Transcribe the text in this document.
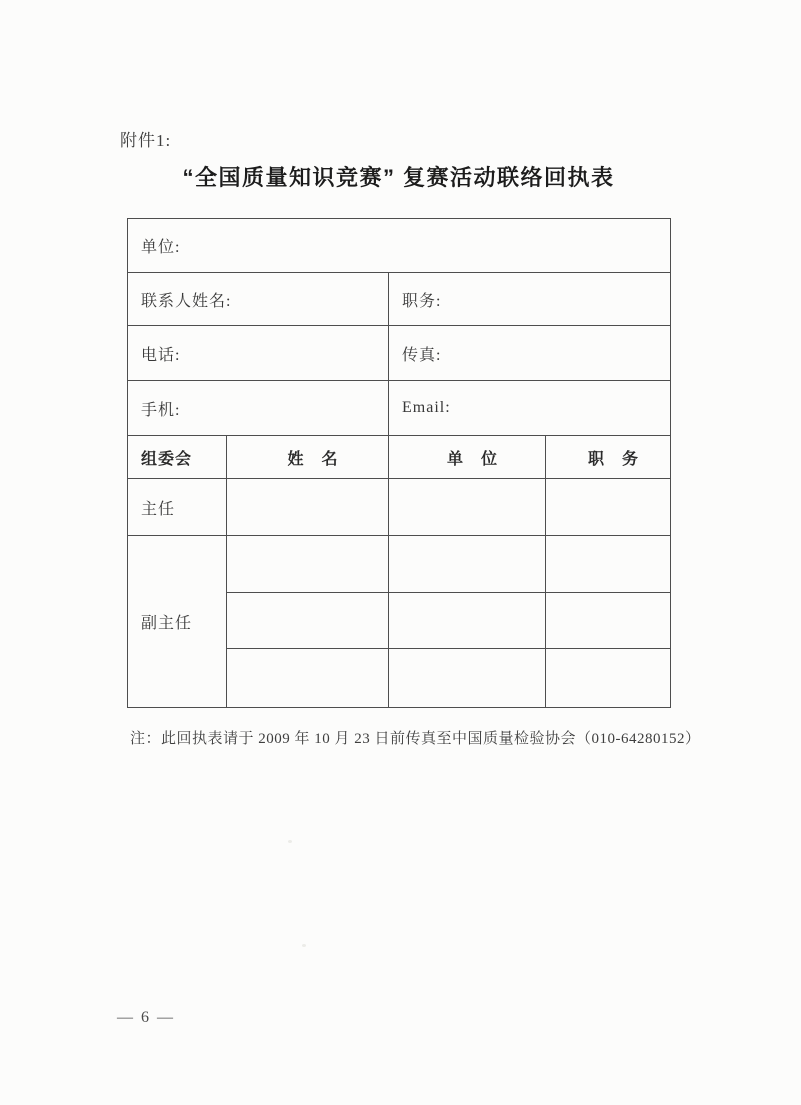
附件1:
“全国质量知识竞赛” 复赛活动联络回执表
单位:			
联系人姓名:		职务:	
电话:		传真:	
手机:		Email:	
组委会	姓　名	单　位	职　务
主任			
副主任			

注：此回执表请于 2009 年 10 月 23 日前传真至中国质量检验协会（010-64280152）
— 6 —
